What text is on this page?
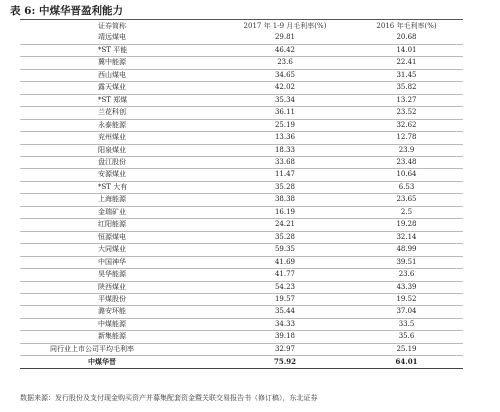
表 6: 中煤华晋盈利能力
证券简称	2017 年 1-9 月毛利率(%)	2016 年毛利率(%)
靖远煤电	29.81	20.68
*ST 平能	46.42	14.01
冀中能源	23.6	22.41
西山煤电	34.65	31.45
露天煤业	42.02	35.82
*ST 郑煤	35.34	13.27
兰花科创	36.11	23.52
永泰能源	25.19	32.62
兖州煤业	13.36	12.78
阳泉煤业	18.33	23.9
盘江股份	33.68	23.48
安源煤业	11.47	10.64
*ST 大有	35.28	6.53
上海能源	38.38	23.65
金瑞矿业	16.19	2.5
红阳能源	24.21	19.28
恒源煤电	35.28	32.14
大同煤业	59.35	48.99
中国神华	41.69	39.51
昊华能源	41.77	23.6
陕西煤业	54.23	43.39
平煤股份	19.57	19.52
潞安环能	35.44	37.04
中煤能源	34.33	33.5
新集能源	39.18	35.6
同行业上市公司平均毛利率	32.97	25.19
中煤华晋	75.92	64.01
数据来源：发行股份及支付现金购买资产并募集配套资金暨关联交易报告书（修订稿），东北证券
